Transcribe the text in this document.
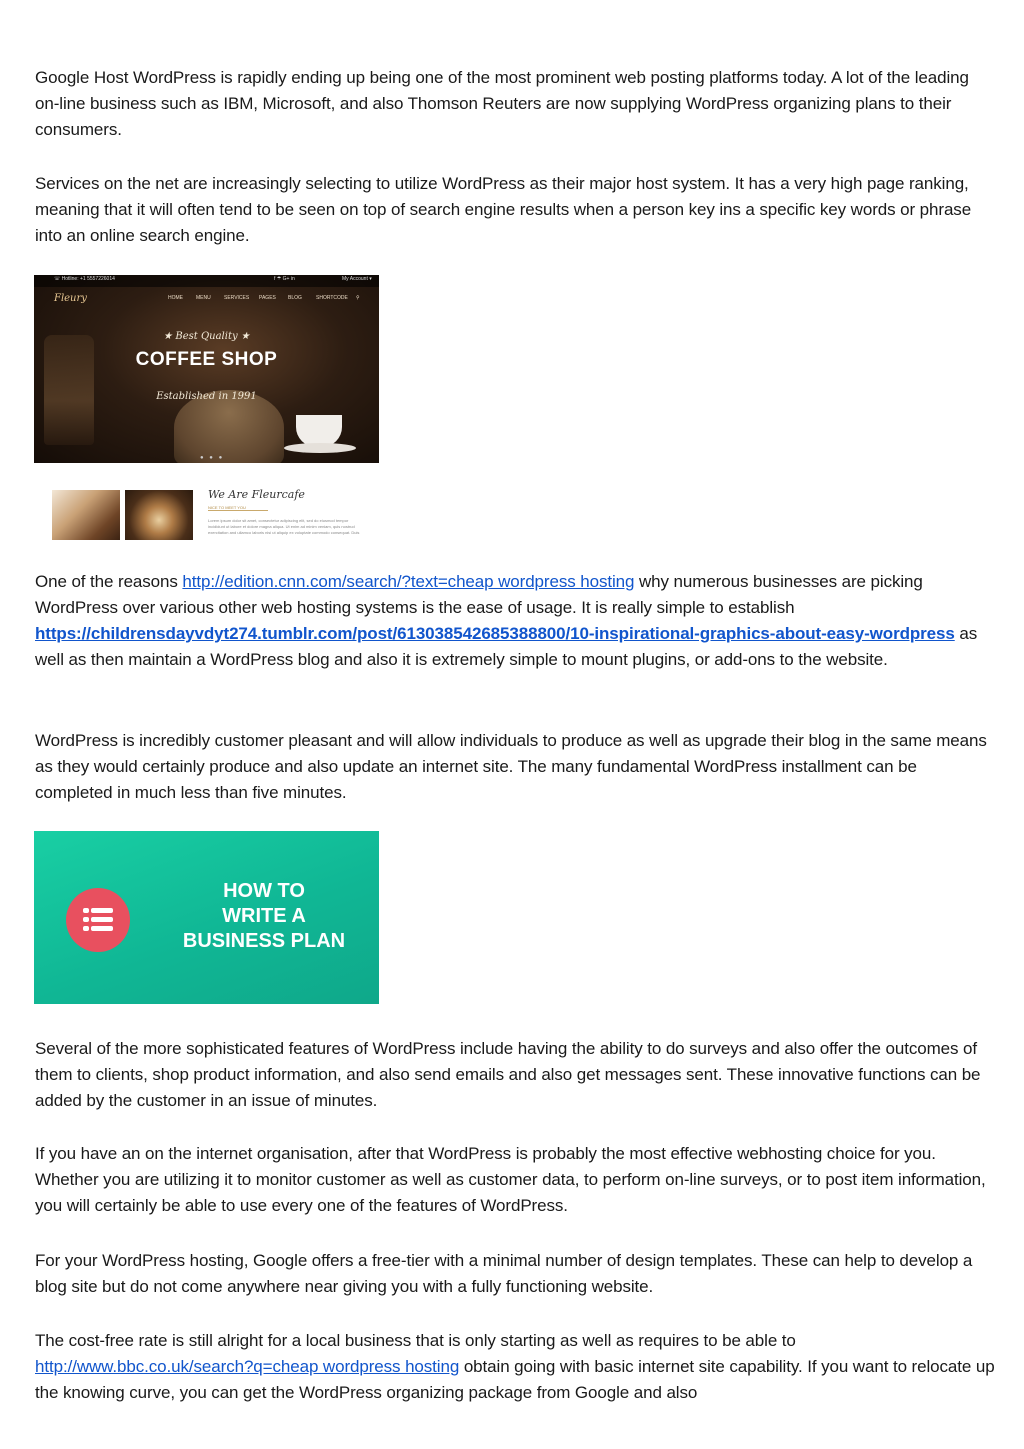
Google Host WordPress is rapidly ending up being one of the most prominent web posting platforms today. A lot of the leading on-line business such as IBM, Microsoft, and also Thomson Reuters are now supplying WordPress organizing plans to their consumers.

Services on the net are increasingly selecting to utilize WordPress as their major host system. It has a very high page ranking, meaning that it will often tend to be seen on top of search engine results when a person key ins a specific key words or phrase into an online search engine.

☏ Hotline: +1 5557226014	f ☂ G+ in	My Account ▾
Fleury	HOME	MENU	SERVICES PAGES BLOG	SHORTCODE ⚲
★ Best Quality ★
COFFEE SHOP
Established in 1991
● ● ●
We Are Fleurcafe
NICE TO MEET YOU
Lorem ipsum dolor sit amet, consectetur adipiscing elit, sed do eiusmod tempor incididunt ut labore et dolore magna aliqua. Ut enim ad minim veniam, quis nostrud exercitation and ullamco laboris nisi ut aliquip ex voluptate commodo consequat. Duis

One of the reasons http://edition.cnn.com/search/?text=cheap wordpress hosting why numerous businesses are picking WordPress over various other web hosting systems is the ease of usage. It is really simple to establish https://childrensdayvdyt274.tumblr.com/post/613038542685388800/10-inspirational-graphics-about-easy-wordpress as well as then maintain a WordPress blog and also it is extremely simple to mount plugins, or add-ons to the website.

WordPress is incredibly customer pleasant and will allow individuals to produce as well as upgrade their blog in the same means as they would certainly produce and also update an internet site. The many fundamental WordPress installment can be completed in much less than five minutes.

HOW TO
WRITE A
BUSINESS PLAN

Several of the more sophisticated features of WordPress include having the ability to do surveys and also offer the outcomes of them to clients, shop product information, and also send emails and also get messages sent. These innovative functions can be added by the customer in an issue of minutes.

If you have an on the internet organisation, after that WordPress is probably the most effective webhosting choice for you. Whether you are utilizing it to monitor customer as well as customer data, to perform on-line surveys, or to post item information, you will certainly be able to use every one of the features of WordPress.

For your WordPress hosting, Google offers a free-tier with a minimal number of design templates. These can help to develop a blog site but do not come anywhere near giving you with a fully functioning website.

The cost-free rate is still alright for a local business that is only starting as well as requires to be able to http://www.bbc.co.uk/search?q=cheap wordpress hosting obtain going with basic internet site capability. If you want to relocate up the knowing curve, you can get the WordPress organizing package from Google and also
